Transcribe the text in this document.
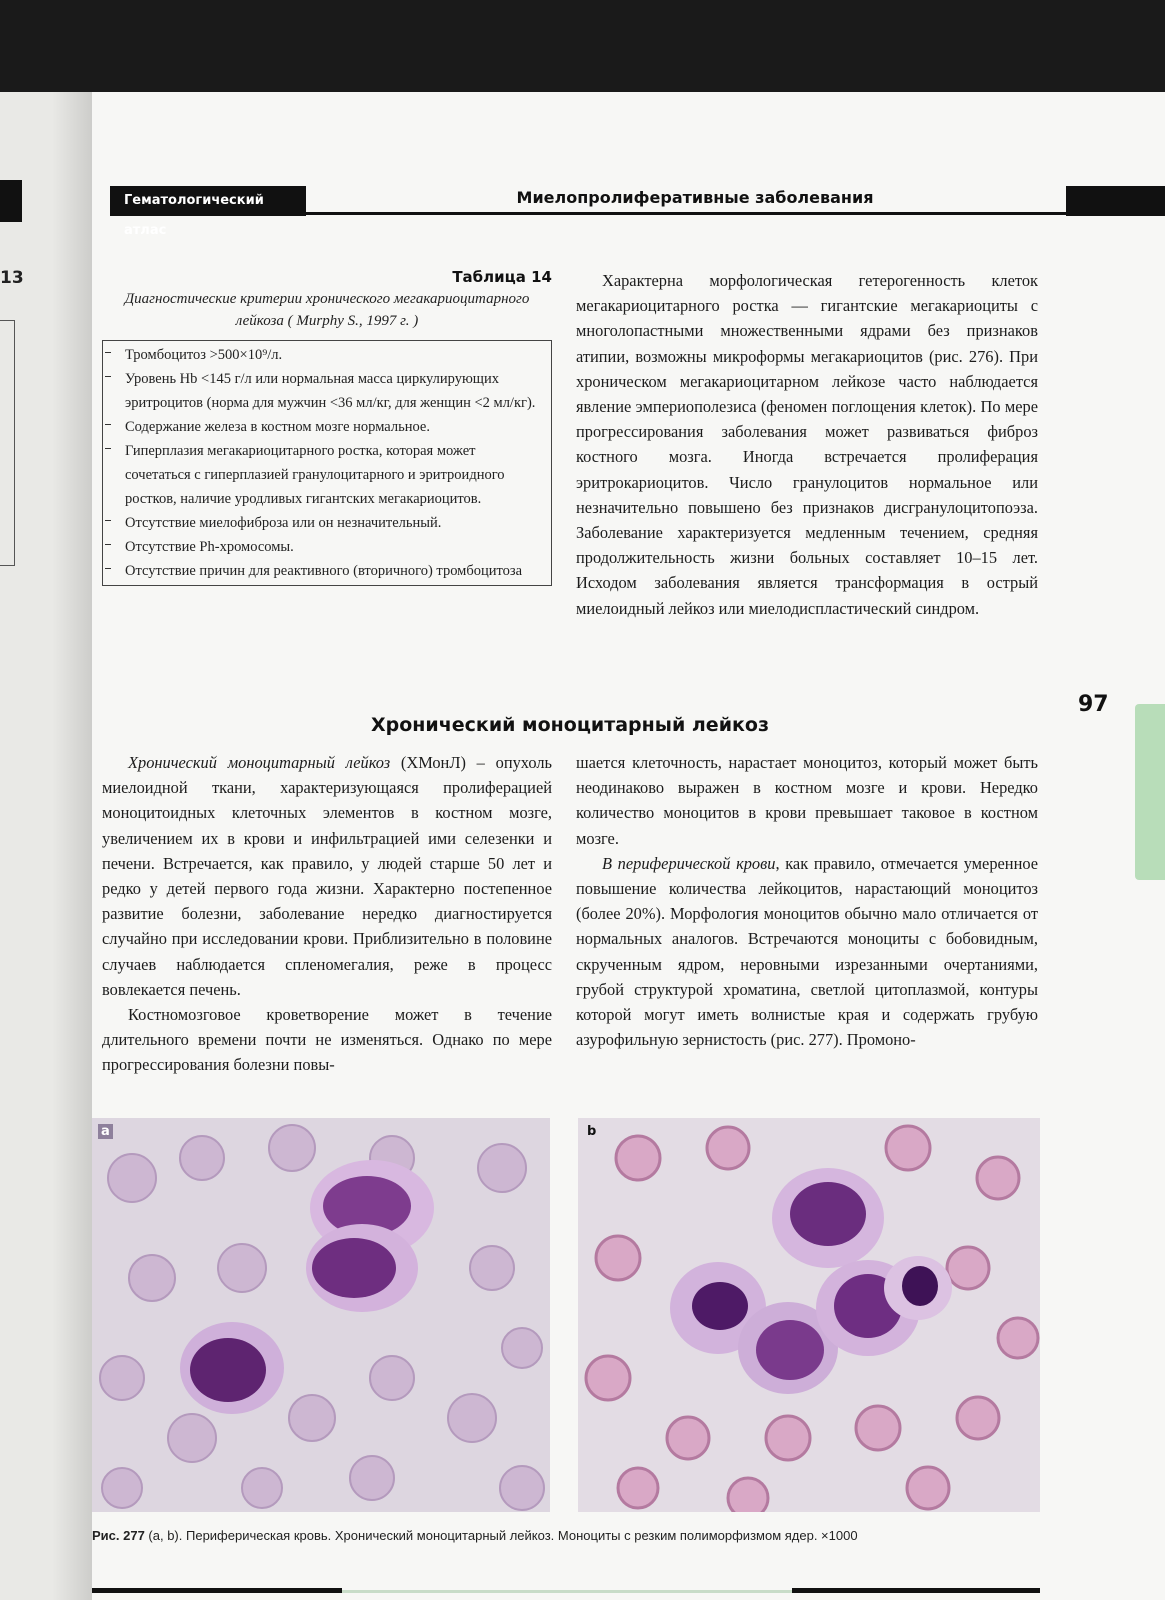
13
97
Гематологический атлас
Миелопролиферативные заболевания
Таблица 14
Диагностические критерии хронического мегакариоцитарного лейкоза ( Murphy S., 1997 г. )
Тромбоцитоз >500×10⁹/л.
Уровень Hb <145 г/л или нормальная масса циркулирующих эритроцитов (норма для мужчин <36 мл/кг, для женщин <2 мл/кг).
Содержание железа в костном мозге нормальное.
Гиперплазия мегакариоцитарного ростка, которая может сочетаться с гиперплазией гранулоцитарного и эритроидного ростков, наличие уродливых гигантских мегакариоцитов.
Отсутствие миелофиброза или он незначительный.
Отсутствие Ph-хромосомы.
Отсутствие причин для реактивного (вторичного) тромбоцитоза

Характерна морфологическая гетерогенность клеток мегакариоцитарного ростка — гигантские мегакариоциты с многолопастными множественными ядрами без признаков атипии, возможны микроформы мегакариоцитов (рис. 276). При хроническом мегакариоцитарном лейкозе часто наблюдается явление эмпериополезиса (феномен поглощения клеток). По мере прогрессирования заболевания может развиваться фиброз костного мозга. Иногда встречается пролиферация эритрокариоцитов. Число гранулоцитов нормальное или незначительно повышено без признаков дисгранулоцитопоэза. Заболевание характеризуется медленным течением, средняя продолжительность жизни больных составляет 10–15 лет. Исходом заболевания является трансформация в острый миелоидный лейкоз или миелодиспластический синдром.

Хронический моноцитарный лейкоз

Хронический моноцитарный лейкоз (ХМонЛ) – опухоль миелоидной ткани, характеризующаяся пролиферацией моноцитоидных клеточных элементов в костном мозге, увеличением их в крови и инфильтрацией ими селезенки и печени. Встречается, как правило, у людей старше 50 лет и редко у детей первого года жизни. Характерно постепенное развитие болезни, заболевание нередко диагностируется случайно при исследовании крови. Приблизительно в половине случаев наблюдается спленомегалия, реже в процесс вовлекается печень.

Костномозговое кроветворение может в течение длительного времени почти не изменяться. Однако по мере прогрессирования болезни повы-

шается клеточность, нарастает моноцитоз, который может быть неодинаково выражен в костном мозге и крови. Нередко количество моноцитов в крови превышает таковое в костном мозге.

В периферической крови, как правило, отмечается умеренное повышение количества лейкоцитов, нарастающий моноцитоз (более 20%). Морфология моноцитов обычно мало отличается от нормальных аналогов. Встречаются моноциты с бобовидным, скрученным ядром, неровными изрезанными очертаниями, грубой структурой хроматина, светлой цитоплазмой, контуры которой могут иметь волнистые края и содержать грубую азурофильную зернистость (рис. 277). Промоно-

a	b
Рис. 277 (a, b). Периферическая кровь. Хронический моноцитарный лейкоз. Моноциты с резким полиморфизмом ядер. ×1000
